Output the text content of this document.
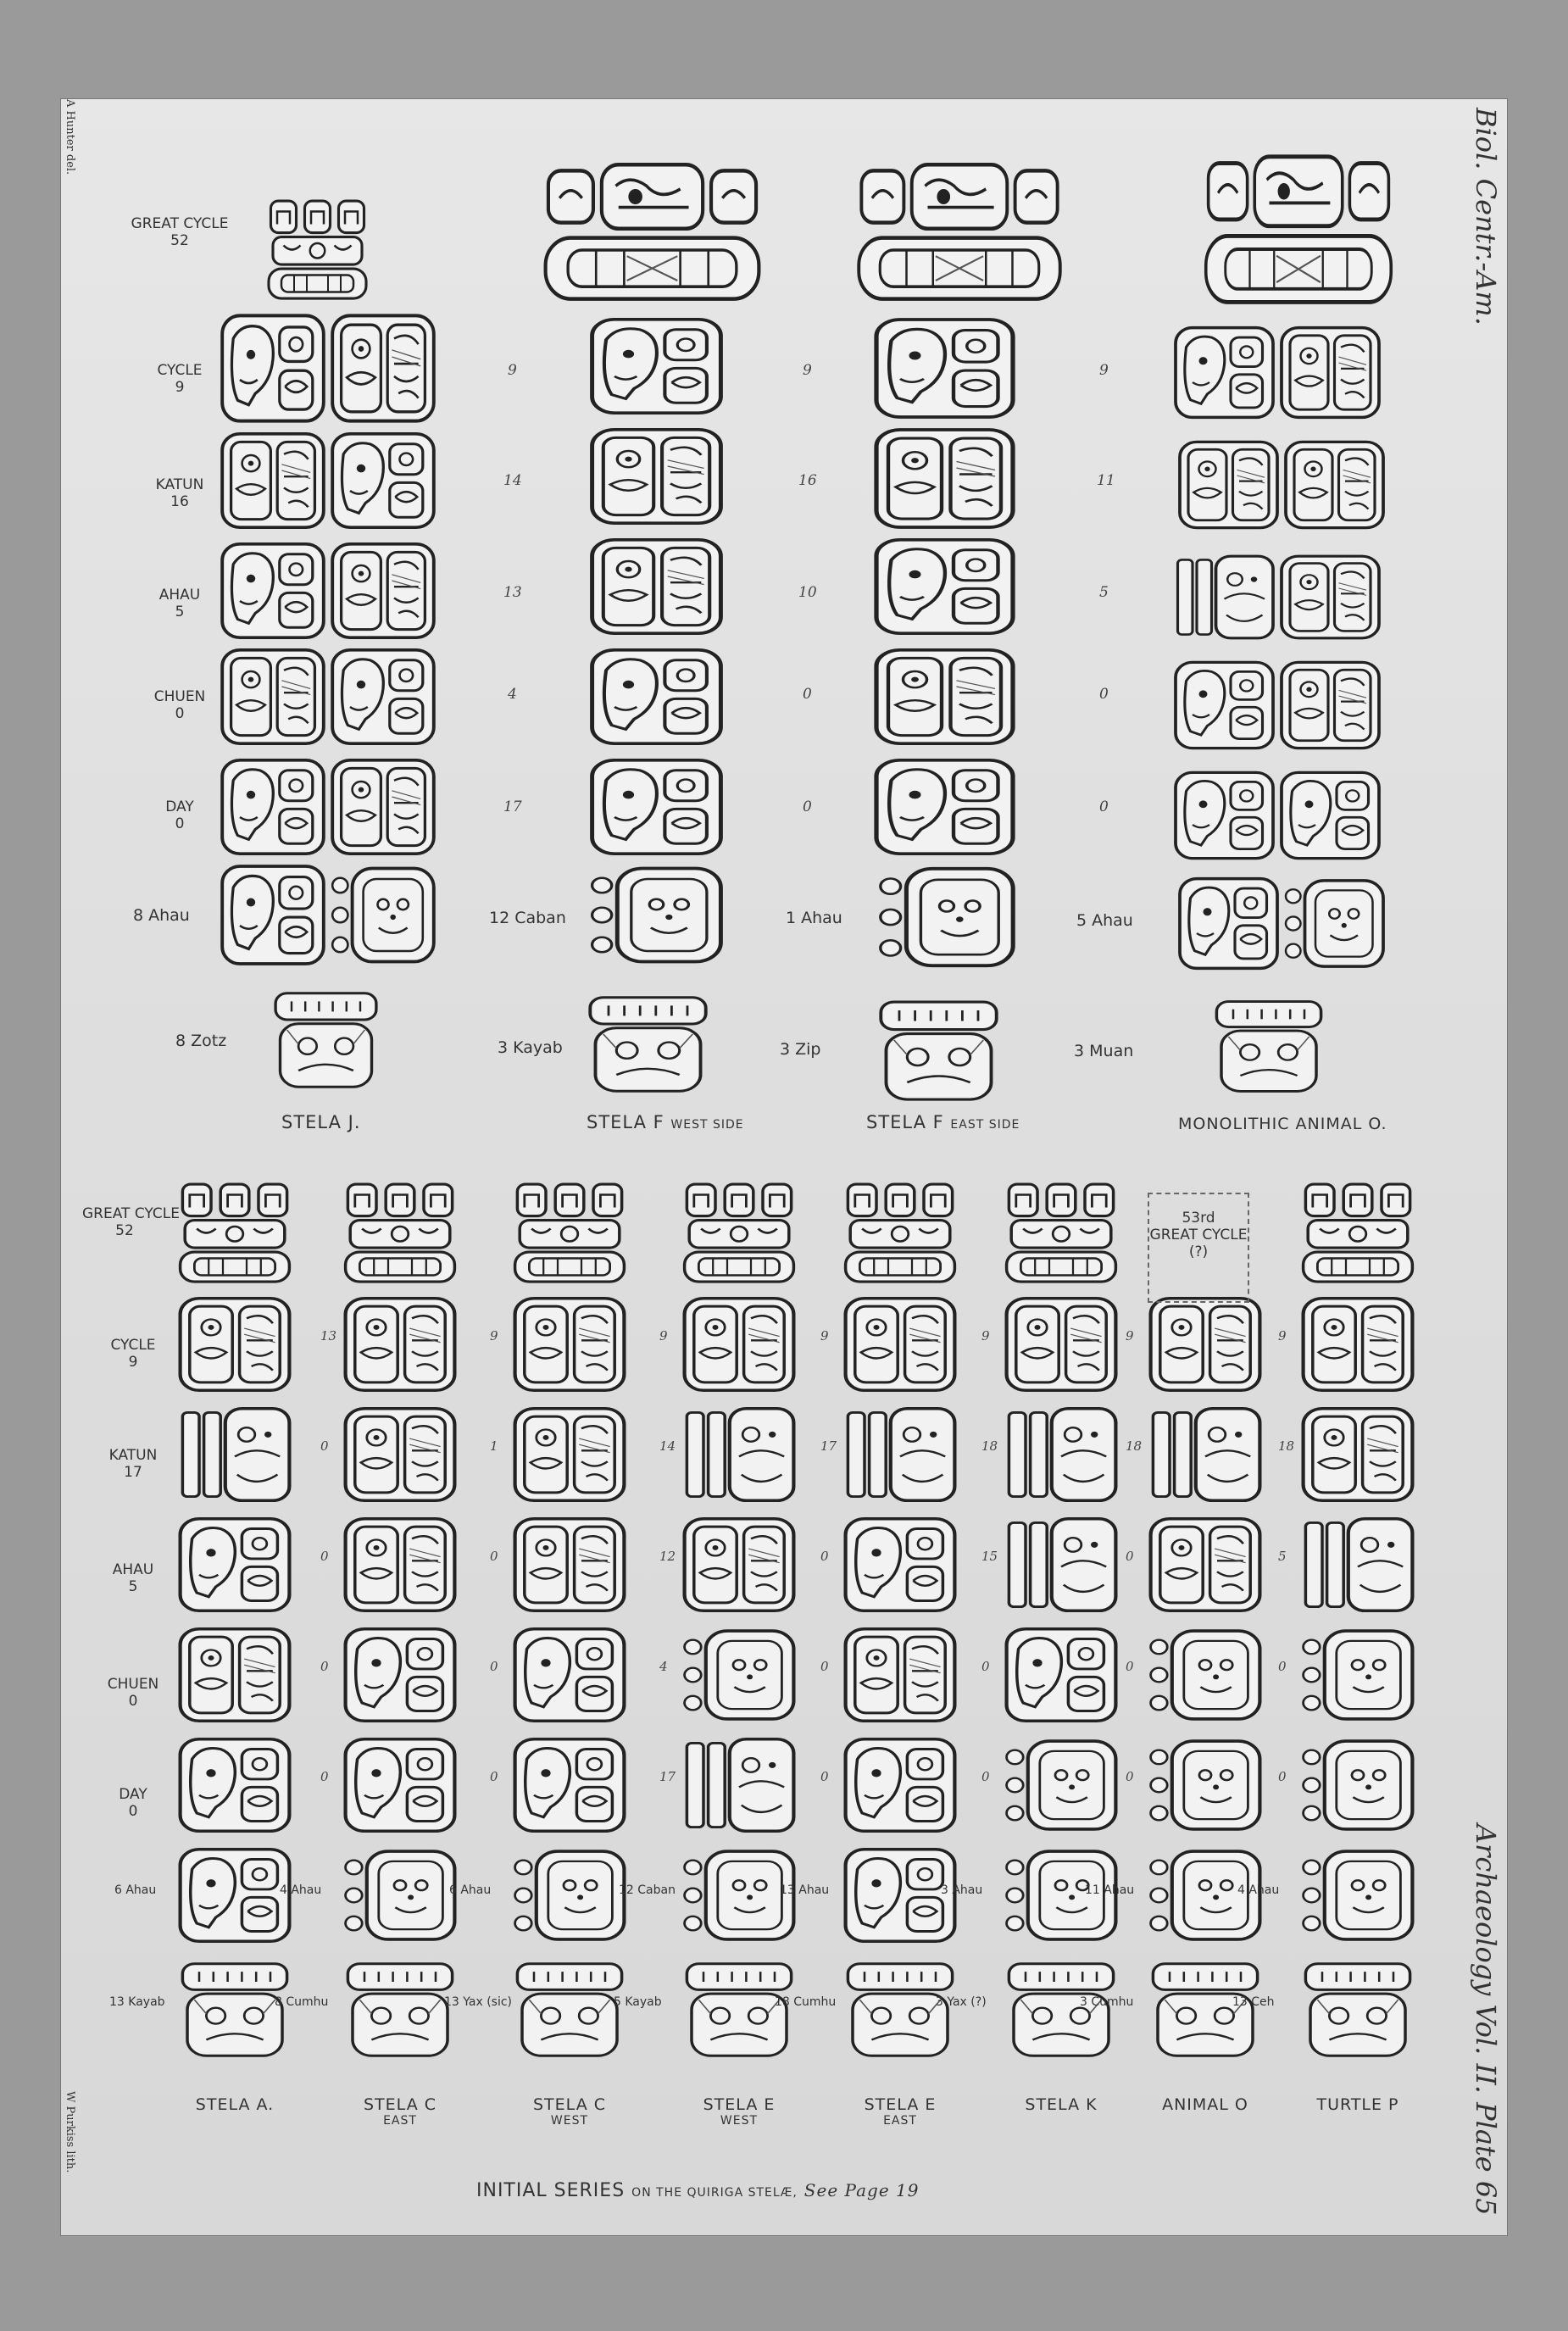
A Hunter del.
W Purkiss lith.
Biol. Centr.-Am.
Archaeology Vol. II. Plate 65
GREAT CYCLE
52
CYCLE
9
KATUN
16
AHAU
5
CHUEN
0
DAY
0
8 Ahau
8 Zotz
STELA J.
9
14
13
4
17
12 Caban
3 Kayab
STELA F WEST SIDE
9
16
10
0
0
1 Ahau
3 Zip
STELA F EAST SIDE
9
11
5
0
0
5 Ahau
3 Muan
MONOLITHIC ANIMAL O.
GREAT CYCLE
52
CYCLE
9
KATUN
17
AHAU
5
CHUEN
0
DAY
0
6 Ahau
13 Kayab
STELA A.
13
0
0
0
0
4 Ahau
8 Cumhu
STELA C
EAST
9
1
0
0
0
6 Ahau
13 Yax (sic)
STELA C
WEST
9
14
12
4
17
12 Caban
5 Kayab
STELA E
WEST
9
17
0
0
0
13 Ahau
18 Cumhu
STELA E
EAST
9
18
15
0
0
3 Ahau
3 Yax (?)
STELA K
9
18
0
0
0
11 Ahau
3 Cumhu
ANIMAL O
9
18
5
0
0
4 Ahau
13 Ceh
TURTLE P
53rd
GREAT CYCLE
(?)
INITIAL SERIES ON THE QUIRIGA STELÆ, See Page 19
